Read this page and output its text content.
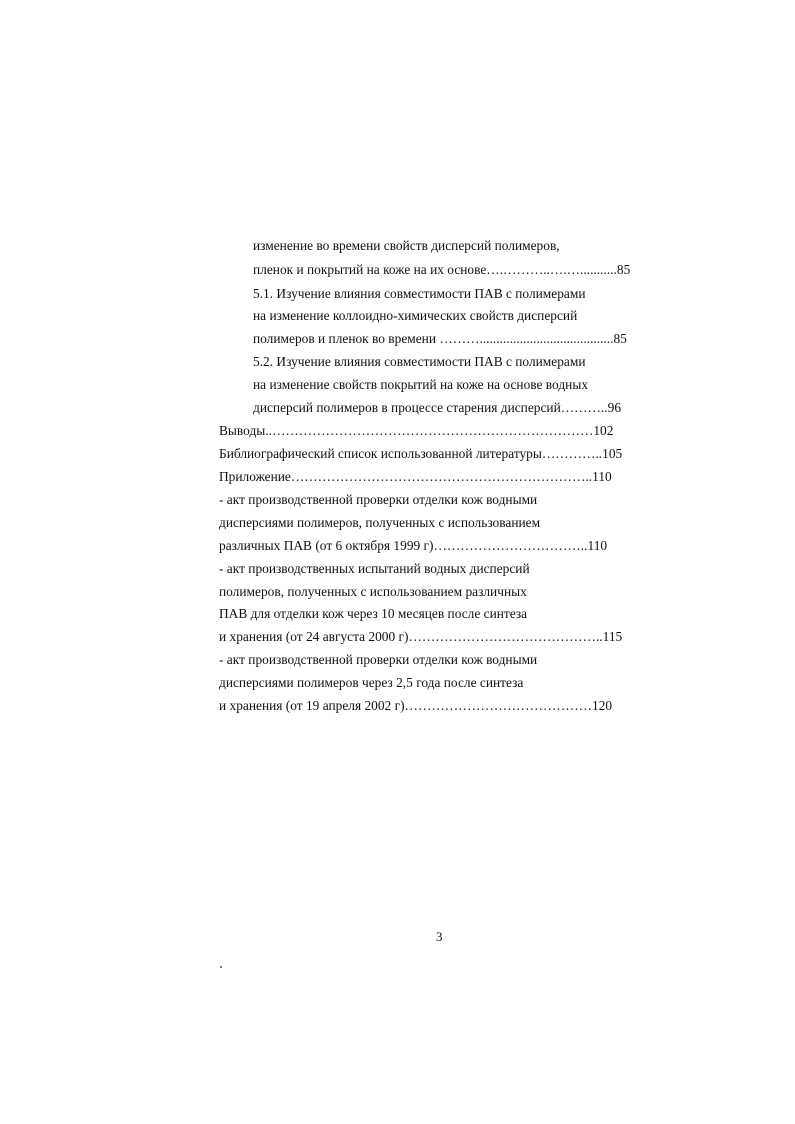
изменение во времени свойств дисперсий полимеров,
пленок и покрытий на коже на их основе….………..….…...........85
5.1. Изучение влияния совместимости ПАВ с полимерами
на изменение коллоидно-химических свойств дисперсий
полимеров и пленок во времени ………........................................85
5.2. Изучение влияния совместимости ПАВ с полимерами
на изменение свойств покрытий на коже на основе водных
дисперсий полимеров в процессе старения дисперсий………..96
Выводы..………………………………………………………………102
Библиографический список использованной литературы…………..105
Приложение…………………………………………………………..110
- акт производственной проверки отделки кож водными
дисперсиями полимеров, полученных с использованием
различных ПАВ (от 6 октября 1999 г)……………………………..110
- акт производственных испытаний водных дисперсий
полимеров, полученных с использованием различных
ПАВ для отделки кож через 10 месяцев после синтеза
и хранения (от 24 августа 2000 г)……………………………………..115
- акт производственной проверки отделки кож водными
дисперсиями полимеров через 2,5 года после синтеза
и хранения (от 19 апреля 2002 г)……………………………………120
3
